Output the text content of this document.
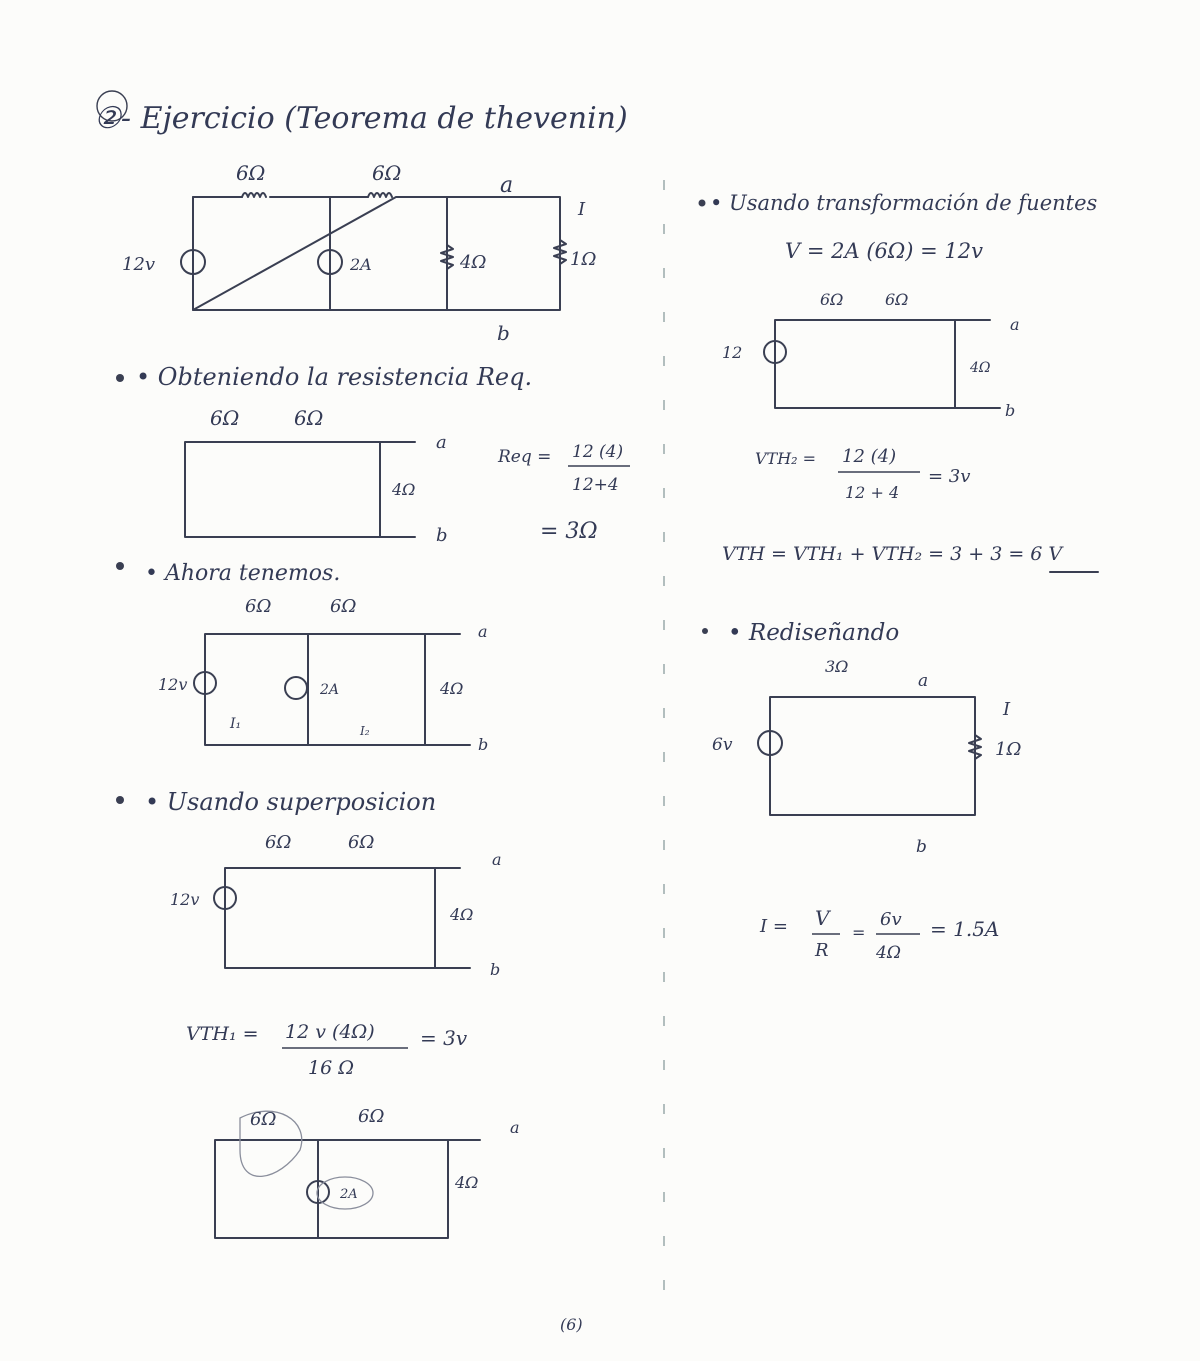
②- Ejercicio (Teorema de thevenin)
6Ω	6Ω
12v	2A	4Ω	1Ω
I
a
b
• Obteniendo la resistencia Req.
6Ω	6Ω
4Ω
a
b
Req = 12 (4)
12+4
= 3Ω
• Ahora tenemos.
6Ω	6Ω
12v	2A	4Ω
a
b
I₁	I₂
• Usando superposicion
6Ω	6Ω
12v
4Ω
a
b
VTH₁ = 12 v (4Ω)
16 Ω
= 3v
6Ω	6Ω
2A
4Ω
a
• Usando transformación de fuentes
V = 2A (6Ω) = 12v
6Ω	6Ω
12
4Ω
a
b
VTH₂ = 12 (4)
12 + 4
= 3v
VTH = VTH₁ + VTH₂ = 3 + 3 = 6 V
• Rediseñando
3Ω
6v	1Ω
I
a
b
I = V
R
=
6v
4Ω
= 1.5A
(6)
